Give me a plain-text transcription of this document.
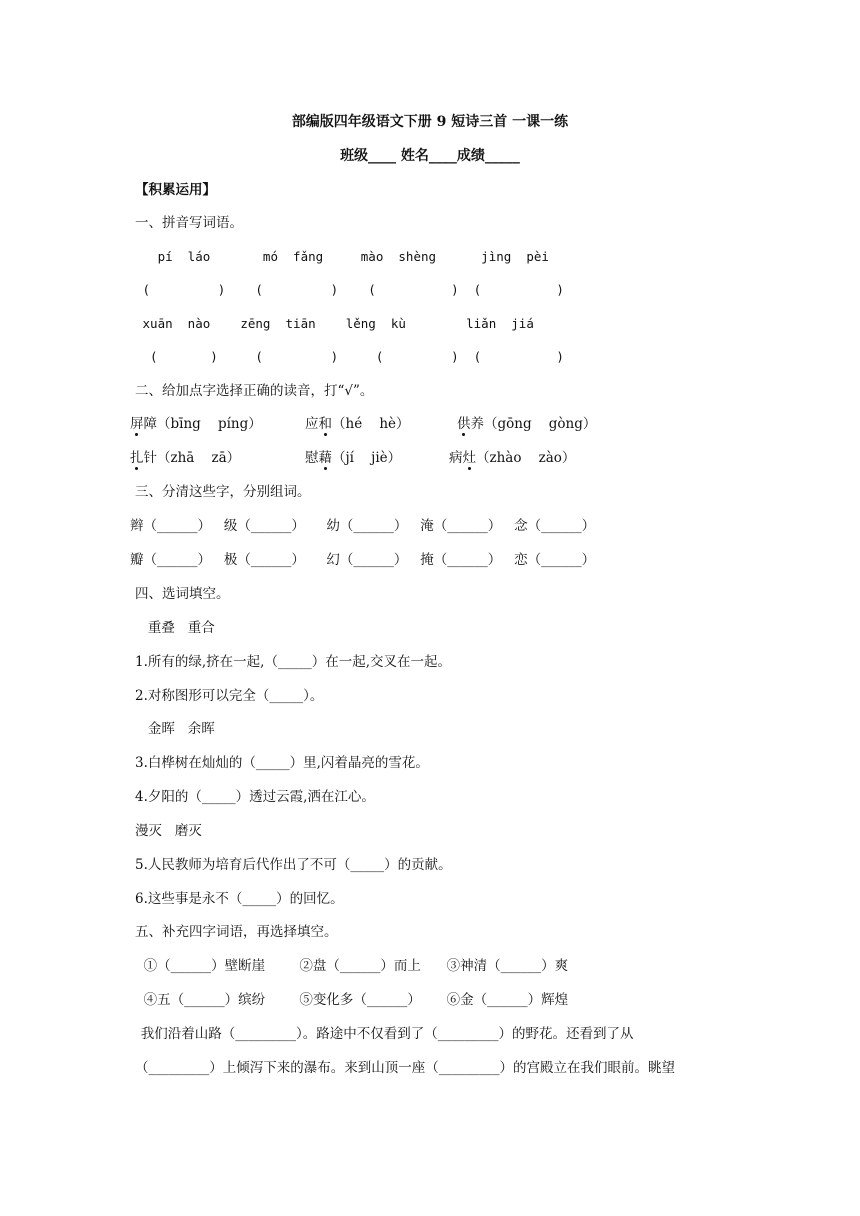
部编版四年级语文下册 9 短诗三首 一课一练
班级____ 姓名____成绩_____
【积累运用】
一、拼音写词语。
pí  láo       mó  fǎng     mào  shèng      jìng  pèi
(         )    (         )    (          )  (          )
xuān  nào    zēng  tiān    lěng  kù        liǎn  jiá
(       )     (         )     (         )  (          )
二、给加点字选择正确的读音，打“√”。
屏障（bīng    píng）	应和（hé    hè）	供养（gōng    gòng）
扎针（zhā    zā）	慰藉（jí    jiè）	病灶（zhào    zào）
三、分清这些字，分别组词。
辫（______）   级（______）     幼（______）   淹（______）   念（______）
瓣（______）   极（______）     幻（______）   掩（______）   恋（______）
四、选词填空。
重叠   重合
1.所有的绿,挤在一起,（_____）在一起,交叉在一起。
2.对称图形可以完全（_____）。
金晖   余晖
3.白桦树在灿灿的（_____）里,闪着晶亮的雪花。
4.夕阳的（_____）透过云霞,洒在江心。
漫灭   磨灭
5.人民教师为培育后代作出了不可（_____）的贡献。
6.这些事是永不（_____）的回忆。
五、补充四字词语，再选择填空。
①（______）壁断崖        ②盘（______）而上      ③神清（______）爽
④五（______）缤纷        ⑤变化多（______）      ⑥金（______）辉煌
我们沿着山路（_________）。路途中不仅看到了（_________）的野花。还看到了从
（_________）上倾泻下来的瀑布。来到山顶一座（_________）的宫殿立在我们眼前。眺望
